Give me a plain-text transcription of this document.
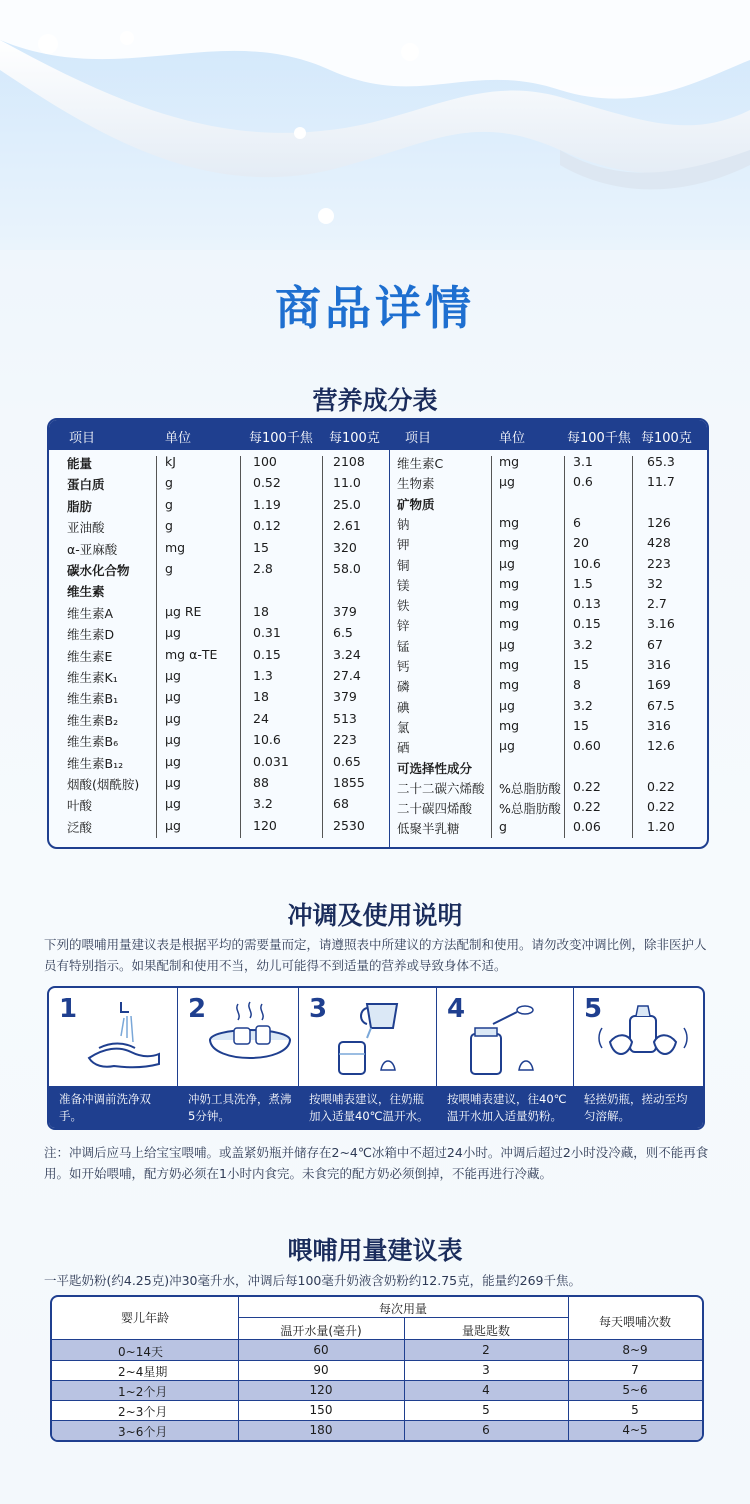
商品详情
营养成分表
项目	单位	每100千焦 每100克 项目	单位	每100千焦 每100克
能量	kJ	100	2108
蛋白质	g	0.52	11.0
脂肪	g	1.19	25.0
亚油酸	g	0.12	2.61
α-亚麻酸	mg	15	320
碳水化合物	g	2.8	58.0
维生素
维生素A	μg RE	18	379
维生素D	μg	0.31	6.5
维生素E	mg α-TE	0.15	3.24
维生素K₁	μg	1.3	27.4
维生素B₁	μg	18	379
维生素B₂	μg	24	513
维生素B₆	μg	10.6	223
维生素B₁₂	μg	0.031	0.65
烟酸(烟酰胺) μg	88	1855
叶酸	μg	3.2	68
泛酸	μg	120	2530
维生素C	mg	3.1	65.3
生物素	μg	0.6	11.7
矿物质
钠	mg	6	126
钾	mg	20	428
铜	μg	10.6	223
镁	mg	1.5	32
铁	mg	0.13	2.7
锌	mg	0.15	3.16
锰	μg	3.2	67
钙	mg	15	316
磷	mg	8	169
碘	μg	3.2	67.5
氯	mg	15	316
硒	μg	0.60	12.6
可选择性成分
二十二碳六烯酸 %总脂肪酸 0.22	0.22
二十碳四烯酸 %总脂肪酸 0.22	0.22
低聚半乳糖	g	0.06	1.20
冲调及使用说明
下列的喂哺用量建议表是根据平均的需要量而定，请遵照表中所建议的方法配制和使用。请勿改变冲调比例，除非医护人员有特别指示。如果配制和使用不当，幼儿可能得不到适量的营养或导致身体不适。
1
准备冲调前洗净双手。
2
冲奶工具洗净，煮沸5分钟。
3
按喂哺表建议，往奶瓶加入适量40℃温开水。
4
按喂哺表建议，往40℃温开水加入适量奶粉。
5
轻搓奶瓶，搓动至均匀溶解。
注：冲调后应马上给宝宝喂哺。或盖紧奶瓶并储存在2~4℃冰箱中不超过24小时。冲调后超过2小时没冷藏，则不能再食用。如开始喂哺，配方奶必须在1小时内食完。未食完的配方奶必须倒掉，不能再进行冷藏。
喂哺用量建议表
一平匙奶粉(约4.25克)冲30毫升水，冲调后每100毫升奶液含奶粉约12.75克，能量约269千焦。
婴儿年龄
每次用量
温开水量(毫升)	量匙匙数
每天喂哺次数
0~14天	60	2	8~9
2~4星期	90	3	7
1~2个月	120	4	5~6
2~3个月	150	5	5
3~6个月	180	6	4~5
